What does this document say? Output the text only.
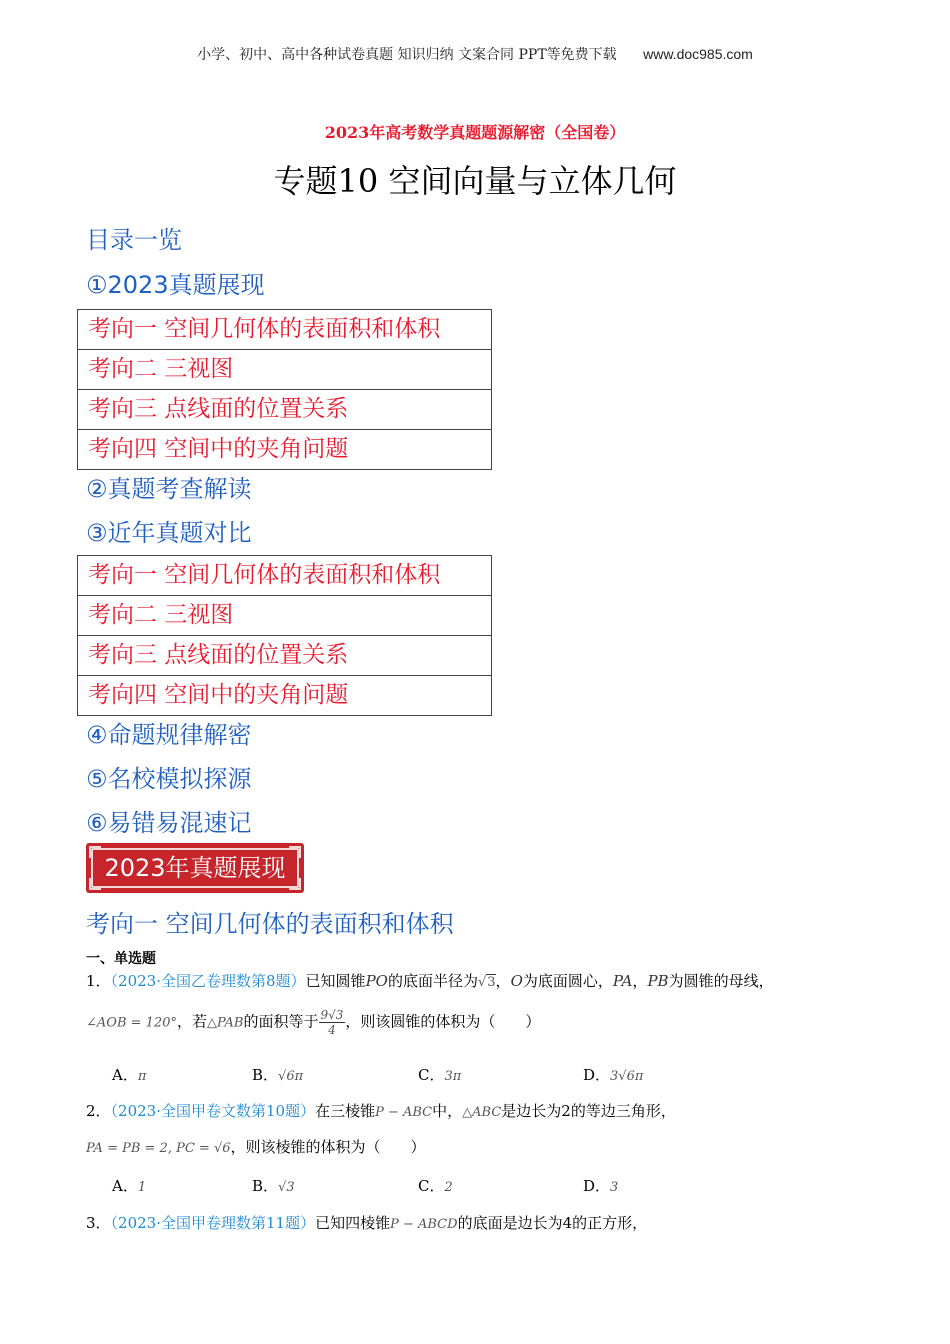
小学、初中、高中各种试卷真题 知识归纳 文案合同 PPT等免费下载 www.doc985.com
2023年高考数学真题题源解密（全国卷）
专题10 空间向量与立体几何
目录一览
①2023真题展现
考向一 空间几何体的表面积和体积
考向二 三视图
考向三 点线面的位置关系
考向四 空间中的夹角问题
②真题考查解读
③近年真题对比
考向一 空间几何体的表面积和体积
考向二 三视图
考向三 点线面的位置关系
考向四 空间中的夹角问题
④命题规律解密
⑤名校模拟探源
⑥易错易混速记
2023年真题展现
考向一 空间几何体的表面积和体积
一、单选题
1．（2023·全国乙卷理数第8题）已知圆锥PO的底面半径为√3，O为底面圆心，PA，PB为圆锥的母线，
∠AOB = 120°，若△PAB的面积等于 $\frac{9√3}{4}$ ，则该圆锥的体积为（　　）
A．π	B．√6π	C．3π	D．3√6π
2．（2023·全国甲卷文数第10题）在三棱锥P − ABC中，△ABC是边长为2的等边三角形，
PA = PB = 2, PC = √6，则该棱锥的体积为（　　）
A．1	B．√3	C．2	D．3
3．（2023·全国甲卷理数第11题）已知四棱锥P − ABCD的底面是边长为4的正方形，
